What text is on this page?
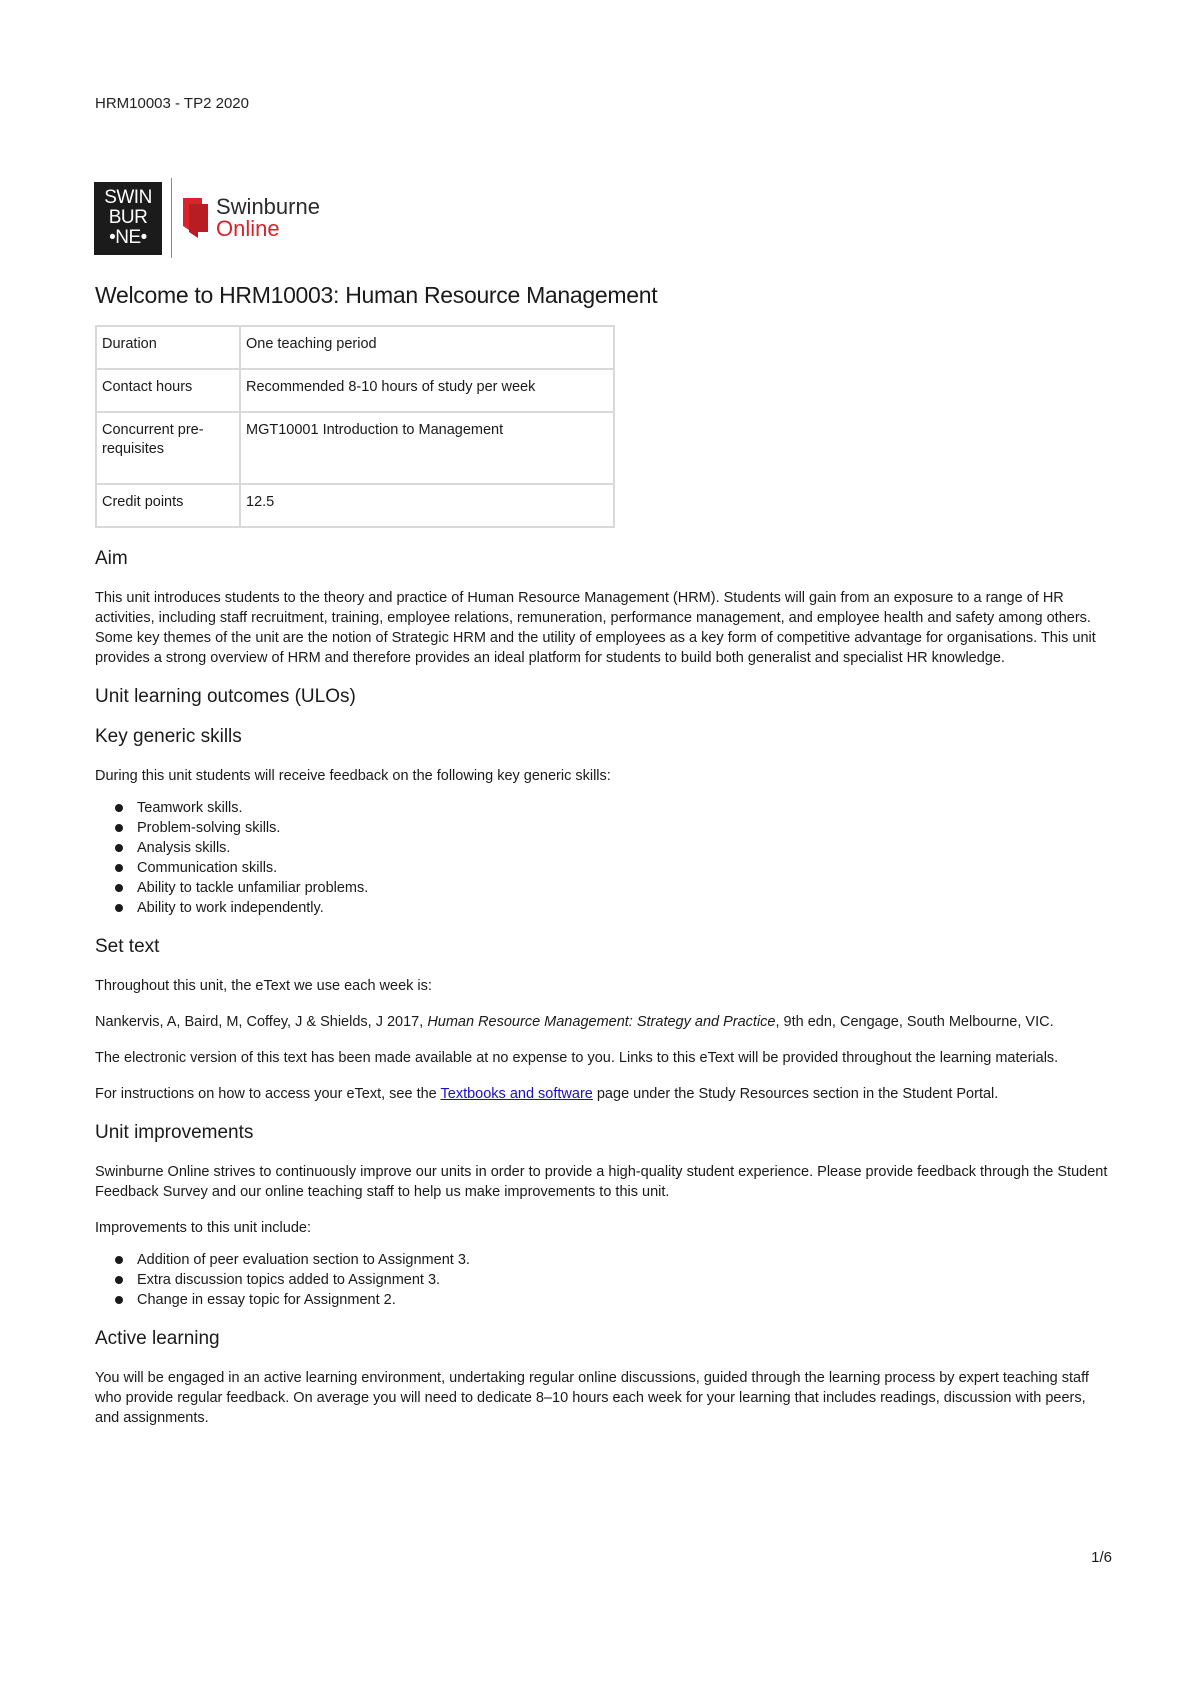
HRM10003 - TP2 2020
SWIN
BUR
•NE•
Swinburne
Online
Welcome to HRM10003: Human Resource Management
Duration	One teaching period
Contact hours	Recommended 8-10 hours of study per week
Concurrent pre-requisites	MGT10001 Introduction to Management
Credit points	12.5
Aim

This unit introduces students to the theory and practice of Human Resource Management (HRM). Students will gain from an exposure to a range of HR activities, including staff recruitment, training, employee relations, remuneration, performance management, and employee health and safety among others. Some key themes of the unit are the notion of Strategic HRM and the utility of employees as a key form of competitive advantage for organisations. This unit provides a strong overview of HRM and therefore provides an ideal platform for students to build both generalist and specialist HR knowledge.

Unit learning outcomes (ULOs)
Key generic skills

During this unit students will receive feedback on the following key generic skills:

Teamwork skills.
Problem-solving skills.
Analysis skills.
Communication skills.
Ability to tackle unfamiliar problems.
Ability to work independently.
Set text

Throughout this unit, the eText we use each week is:

Nankervis, A, Baird, M, Coffey, J & Shields, J 2017, Human Resource Management: Strategy and Practice, 9th edn, Cengage, South Melbourne, VIC.

The electronic version of this text has been made available at no expense to you. Links to this eText will be provided throughout the learning materials.

For instructions on how to access your eText, see the Textbooks and software page under the Study Resources section in the Student Portal.

Unit improvements

Swinburne Online strives to continuously improve our units in order to provide a high-quality student experience. Please provide feedback through the Student Feedback Survey and our online teaching staff to help us make improvements to this unit.

Improvements to this unit include:

Addition of peer evaluation section to Assignment 3.
Extra discussion topics added to Assignment 3.
Change in essay topic for Assignment 2.
Active learning

You will be engaged in an active learning environment, undertaking regular online discussions, guided through the learning process by expert teaching staff who provide regular feedback. On average you will need to dedicate 8–10 hours each week for your learning that includes readings, discussion with peers, and assignments.

1/6
